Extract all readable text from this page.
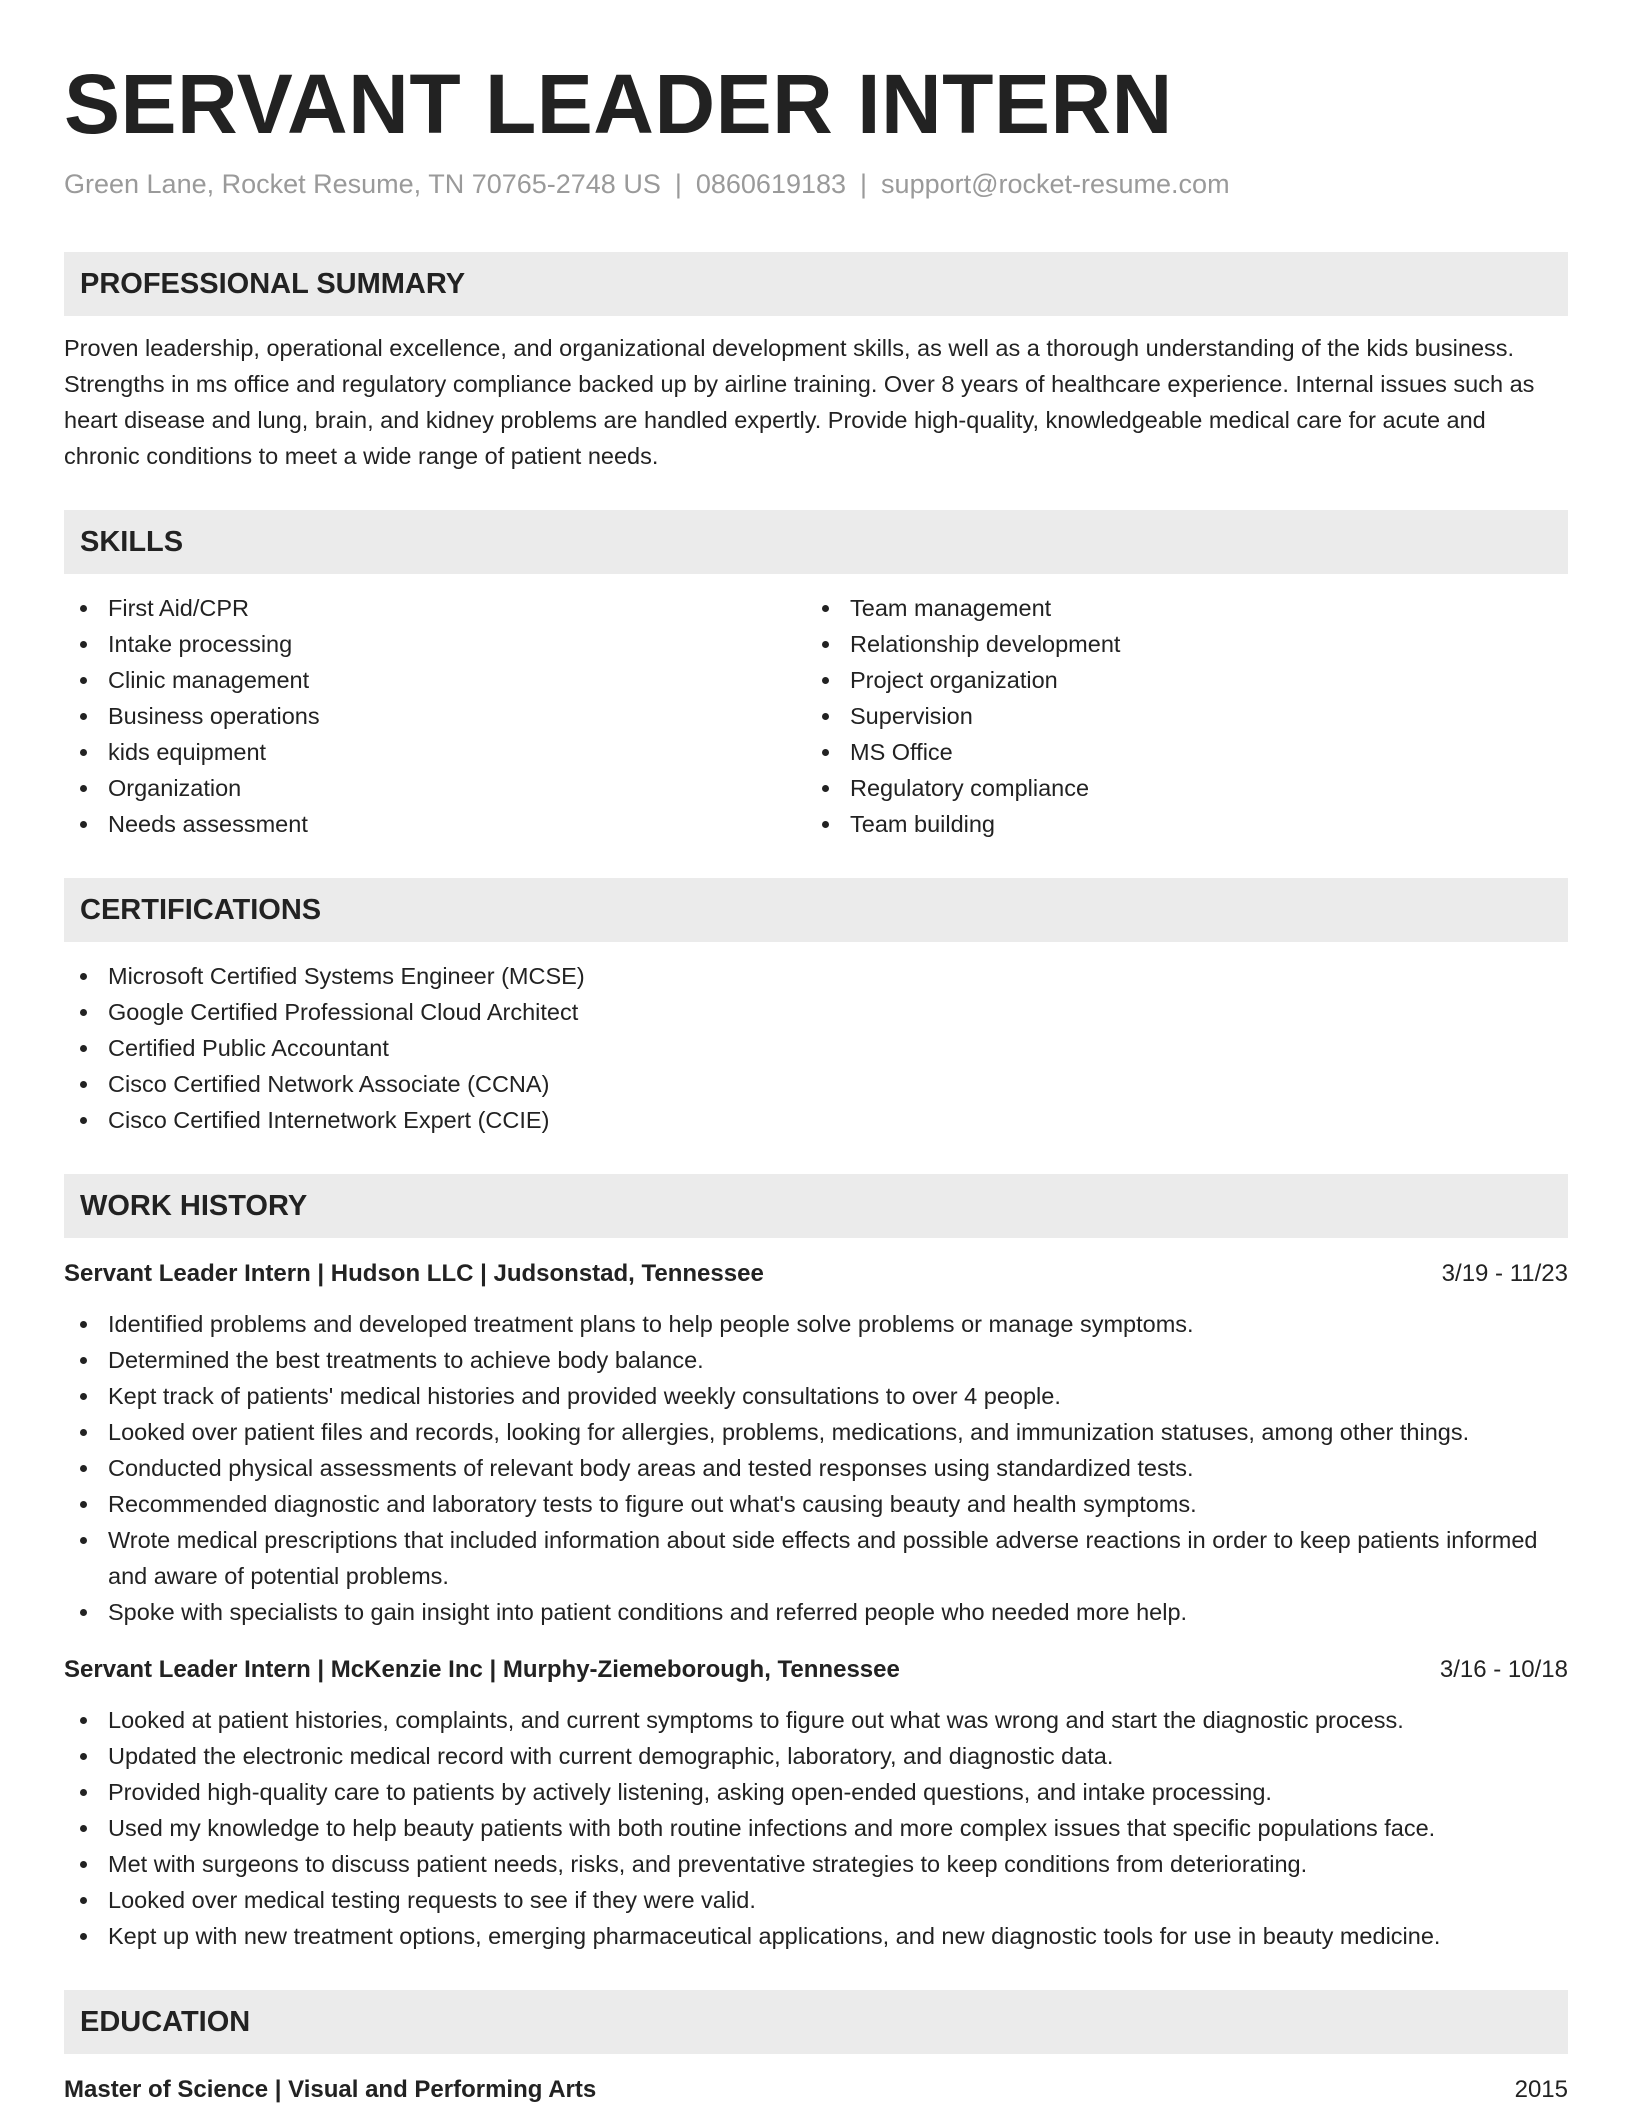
SERVANT LEADER INTERN
Green Lane, Rocket Resume, TN 70765-2748 US | 0860619183 | support@rocket-resume.com
PROFESSIONAL SUMMARY

Proven leadership, operational excellence, and organizational development skills, as well as a thorough understanding of the kids business. Strengths in ms office and regulatory compliance backed up by airline training. Over 8 years of healthcare experience. Internal issues such as heart disease and lung, brain, and kidney problems are handled expertly. Provide high-quality, knowledgeable medical care for acute and chronic conditions to meet a wide range of patient needs.

SKILLS
First Aid/CPR
Intake processing
Clinic management
Business operations
kids equipment
Organization
Needs assessment
Team management
Relationship development
Project organization
Supervision
MS Office
Regulatory compliance
Team building
CERTIFICATIONS
Microsoft Certified Systems Engineer (MCSE)
Google Certified Professional Cloud Architect
Certified Public Accountant
Cisco Certified Network Associate (CCNA)
Cisco Certified Internetwork Expert (CCIE)
WORK HISTORY
Servant Leader Intern | Hudson LLC | Judsonstad, Tennessee	3/19 - 11/23
Identified problems and developed treatment plans to help people solve problems or manage symptoms.
Determined the best treatments to achieve body balance.
Kept track of patients' medical histories and provided weekly consultations to over 4 people.
Looked over patient files and records, looking for allergies, problems, medications, and immunization statuses, among other things.
Conducted physical assessments of relevant body areas and tested responses using standardized tests.
Recommended diagnostic and laboratory tests to figure out what's causing beauty and health symptoms.
Wrote medical prescriptions that included information about side effects and possible adverse reactions in order to keep patients informed and aware of potential problems.
Spoke with specialists to gain insight into patient conditions and referred people who needed more help.
Servant Leader Intern | McKenzie Inc | Murphy-Ziemeborough, Tennessee	3/16 - 10/18
Looked at patient histories, complaints, and current symptoms to figure out what was wrong and start the diagnostic process.
Updated the electronic medical record with current demographic, laboratory, and diagnostic data.
Provided high-quality care to patients by actively listening, asking open-ended questions, and intake processing.
Used my knowledge to help beauty patients with both routine infections and more complex issues that specific populations face.
Met with surgeons to discuss patient needs, risks, and preventative strategies to keep conditions from deteriorating.
Looked over medical testing requests to see if they were valid.
Kept up with new treatment options, emerging pharmaceutical applications, and new diagnostic tools for use in beauty medicine.
EDUCATION
Master of Science | Visual and Performing Arts	2015
